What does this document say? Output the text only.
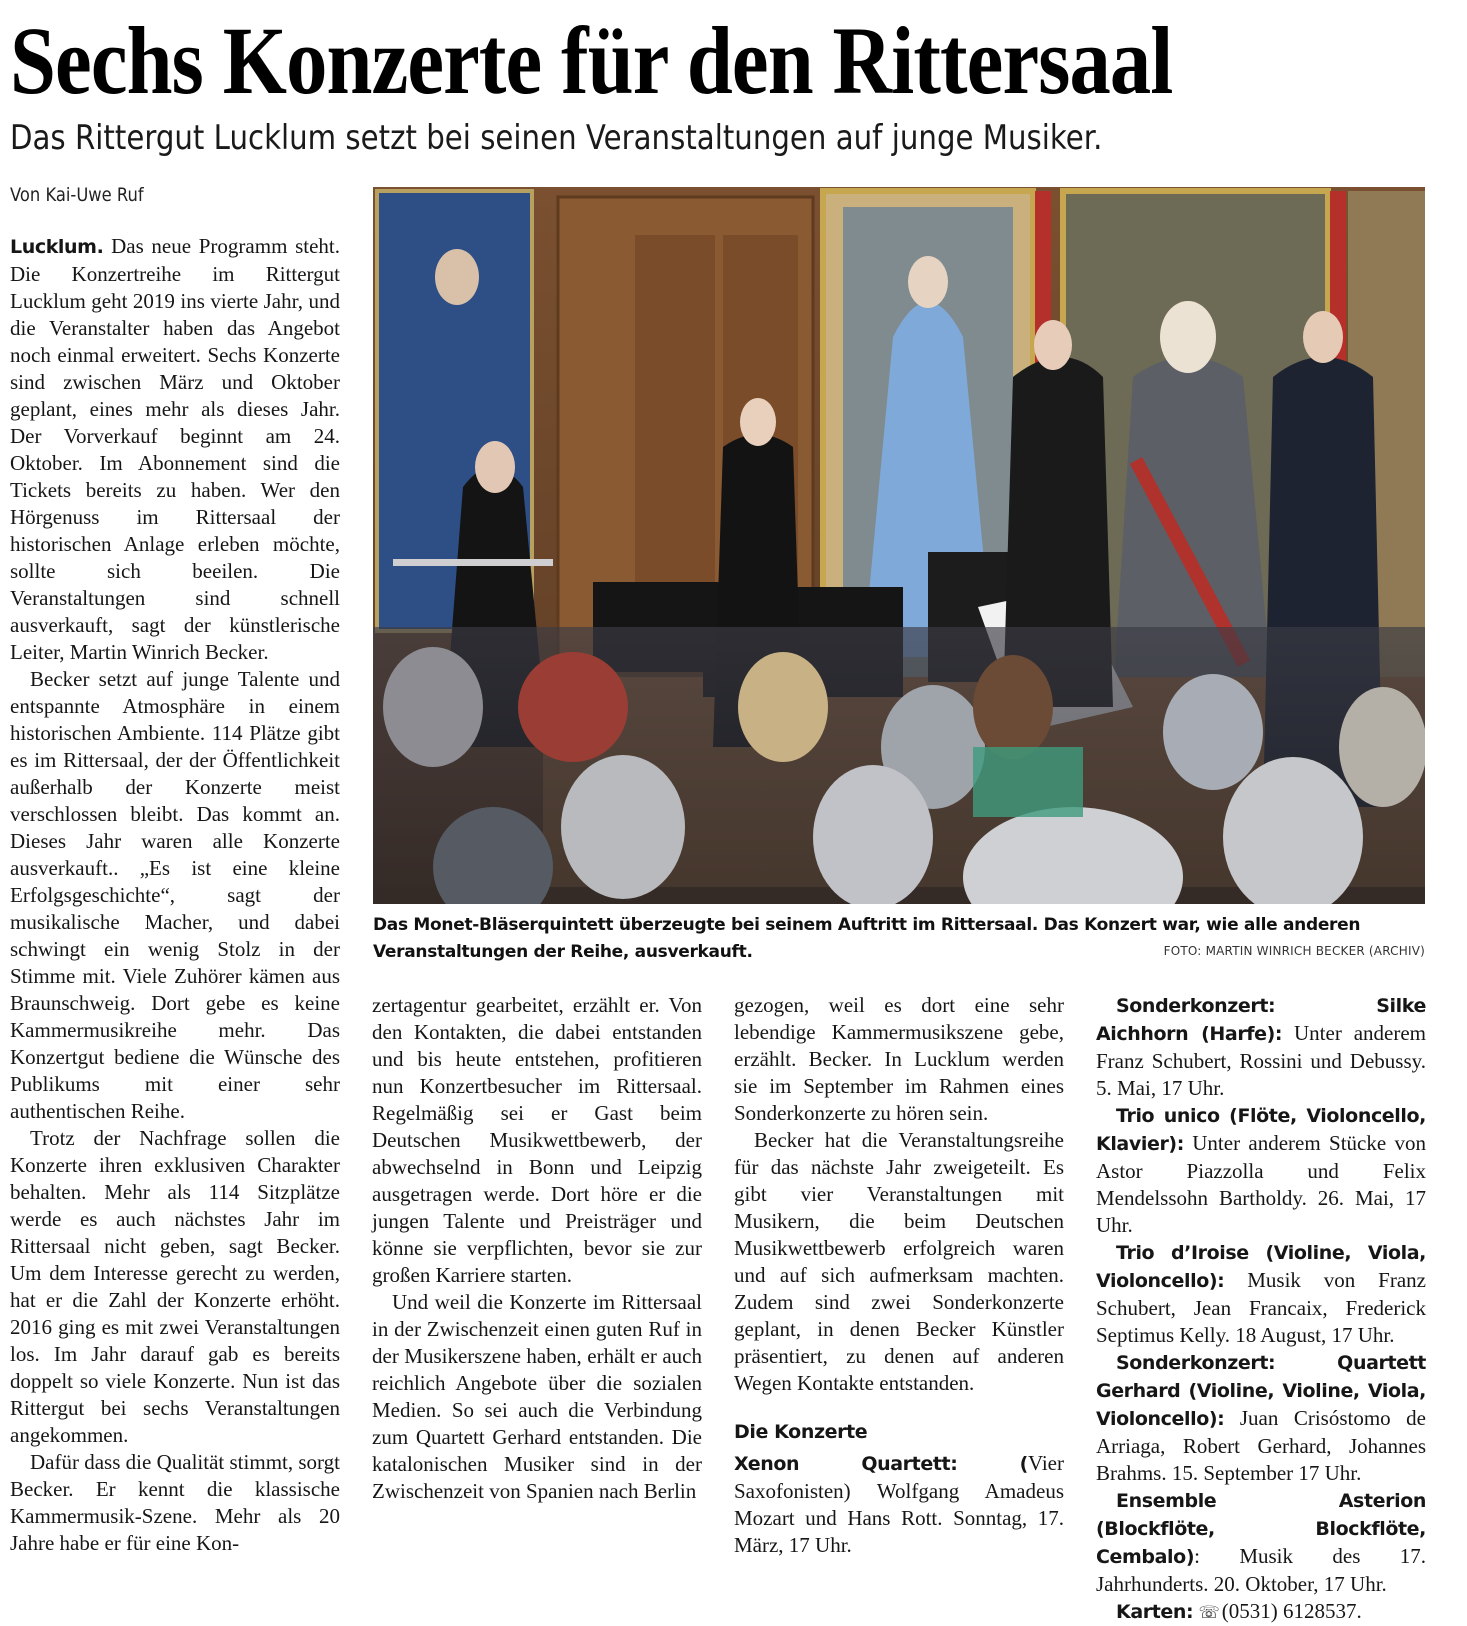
Sechs Konzerte für den Rittersaal
Das Rittergut Lucklum setzt bei seinen Veranstaltungen auf junge Musiker.
Von Kai-Uwe Ruf

Lucklum. Das neue Programm steht. Die Konzertreihe im Rittergut Lucklum geht 2019 ins vierte Jahr, und die Veranstalter haben das Angebot noch einmal erweitert. Sechs Konzerte sind zwischen März und Oktober geplant, eines mehr als dieses Jahr. Der Vorverkauf beginnt am 24. Oktober. Im Abonnement sind die Tickets bereits zu haben. Wer den Hörgenuss im Rittersaal der historischen Anlage erleben möchte, sollte sich beeilen. Die Veranstaltungen sind schnell ausverkauft, sagt der künstlerische Leiter, Martin Winrich Becker.

Becker setzt auf junge Talente und entspannte Atmosphäre in einem historischen Ambiente. 114 Plätze gibt es im Rittersaal, der der Öffentlichkeit außerhalb der Konzerte meist verschlossen bleibt. Das kommt an. Dieses Jahr waren alle Konzerte ausverkauft.. „Es ist eine kleine Erfolgsgeschichte“, sagt der musikalische Macher, und dabei schwingt ein wenig Stolz in der Stimme mit. Viele Zuhörer kämen aus Braunschweig. Dort gebe es keine Kammermusikreihe mehr. Das Konzertgut bediene die Wünsche des Publikums mit einer sehr authentischen Reihe.

Trotz der Nachfrage sollen die Konzerte ihren exklusiven Charakter behalten. Mehr als 114 Sitzplätze werde es auch nächstes Jahr im Rittersaal nicht geben, sagt Becker. Um dem Interesse gerecht zu werden, hat er die Zahl der Konzerte erhöht. 2016 ging es mit zwei Veranstaltungen los. Im Jahr darauf gab es bereits doppelt so viele Konzerte. Nun ist das Rittergut bei sechs Veranstaltungen angekommen.

Dafür dass die Qualität stimmt, sorgt Becker. Er kennt die klassische Kammermusik-Szene. Mehr als 20 Jahre habe er für eine Kon-

Das Monet-Bläserquintett überzeugte bei seinem Auftritt im Rittersaal. Das Konzert war, wie alle anderen Veranstaltungen der Reihe, ausverkauft.	FOTO: MARTIN WINRICH BECKER (ARCHIV)

zertagentur gearbeitet, erzählt er. Von den Kontakten, die dabei entstanden und bis heute entstehen, profitieren nun Konzertbesucher im Rittersaal. Regelmäßig sei er Gast beim Deutschen Musikwettbewerb, der abwechselnd in Bonn und Leipzig ausgetragen werde. Dort höre er die jungen Talente und Preisträger und könne sie verpflichten, bevor sie zur großen Karriere starten.

Und weil die Konzerte im Rittersaal in der Zwischenzeit einen guten Ruf in der Musikerszene haben, erhält er auch reichlich Angebote über die sozialen Medien. So sei auch die Verbindung zum Quartett Gerhard entstanden. Die katalonischen Musiker sind in der Zwischenzeit von Spanien nach Berlin

gezogen, weil es dort eine sehr lebendige Kammermusikszene gebe, erzählt. Becker. In Lucklum werden sie im September im Rahmen eines Sonderkonzerte zu hören sein.

Becker hat die Veranstaltungsreihe für das nächste Jahr zweigeteilt. Es gibt vier Veranstaltungen mit Musikern, die beim Deutschen Musikwettbewerb erfolgreich waren und auf sich aufmerksam machten. Zudem sind zwei Sonderkonzerte geplant, in denen Becker Künstler präsentiert, zu denen auf anderen Wegen Kontakte entstanden.

Die Konzerte

Xenon Quartett: (Vier Saxofonisten) Wolfgang Amadeus Mozart und Hans Rott. Sonntag, 17. März, 17 Uhr.

Sonderkonzert: Silke Aichhorn (Harfe): Unter anderem Franz Schubert, Rossini und Debussy. 5. Mai, 17 Uhr.

Trio unico (Flöte, Violoncello, Klavier): Unter anderem Stücke von Astor Piazzolla und Felix Mendelssohn Bartholdy. 26. Mai, 17 Uhr.

Trio d’Iroise (Violine, Viola, Violoncello): Musik von Franz Schubert, Jean Francaix, Frederick Septimus Kelly. 18 August, 17 Uhr.

Sonderkonzert: Quartett Gerhard (Violine, Violine, Viola, Violoncello): Juan Crisóstomo de Arriaga, Robert Gerhard, Johannes Brahms. 15. September 17 Uhr.

Ensemble Asterion (Blockflöte, Blockflöte, Cembalo): Musik des 17. Jahrhunderts. 20. Oktober, 17 Uhr.

Karten: ☏(0531) 6128537.
